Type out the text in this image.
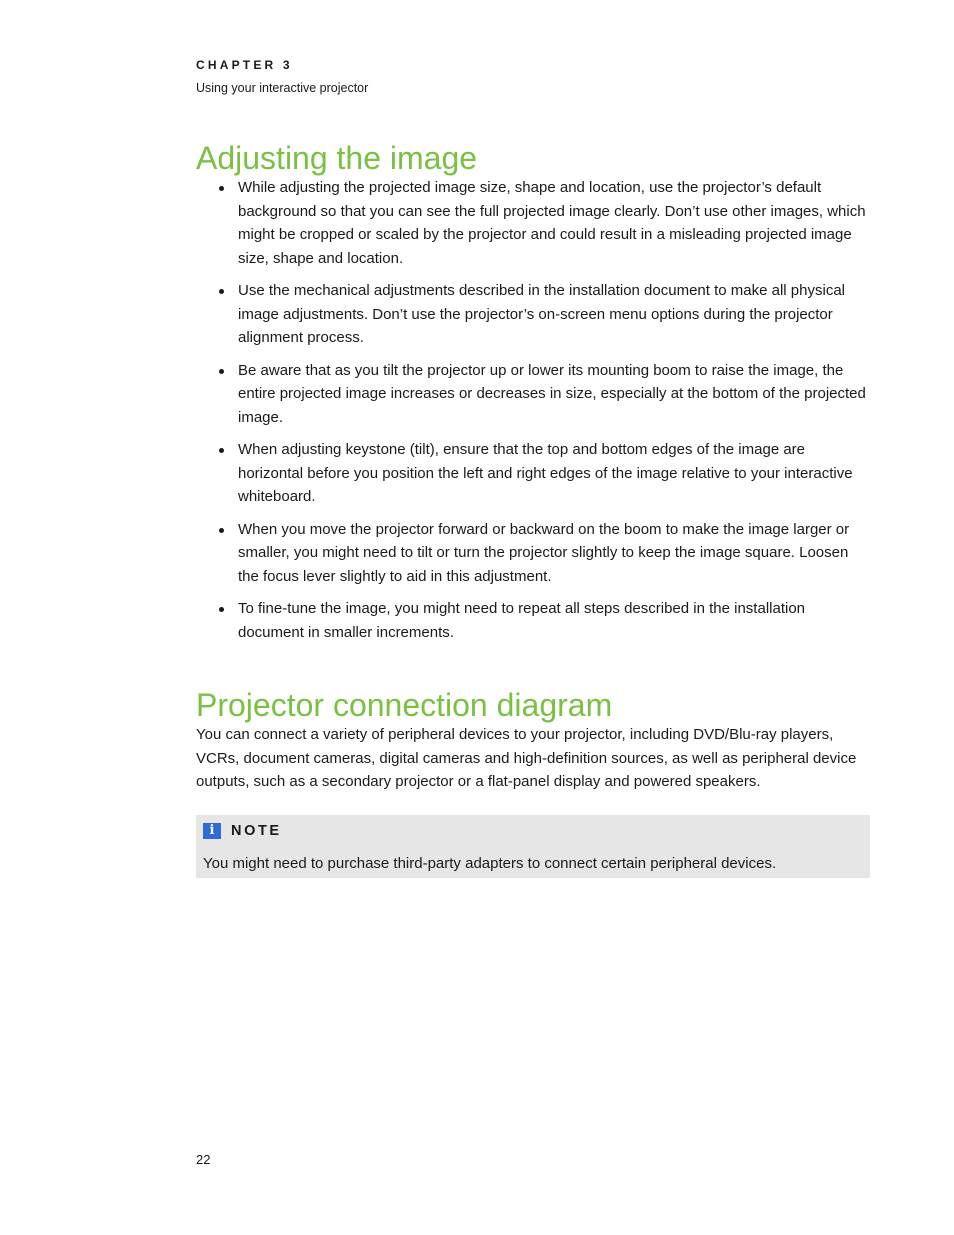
CHAPTER 3
Using your interactive projector
Adjusting the image
While adjusting the projected image size, shape and location, use the projector’s default background so that you can see the full projected image clearly. Don’t use other images, which might be cropped or scaled by the projector and could result in a misleading projected image size, shape and location.
Use the mechanical adjustments described in the installation document to make all physical image adjustments. Don’t use the projector’s on-screen menu options during the projector alignment process.
Be aware that as you tilt the projector up or lower its mounting boom to raise the image, the entire projected image increases or decreases in size, especially at the bottom of the projected image.
When adjusting keystone (tilt), ensure that the top and bottom edges of the image are horizontal before you position the left and right edges of the image relative to your interactive whiteboard.
When you move the projector forward or backward on the boom to make the image larger or smaller, you might need to tilt or turn the projector slightly to keep the image square. Loosen the focus lever slightly to aid in this adjustment.
To fine-tune the image, you might need to repeat all steps described in the installation document in smaller increments.
Projector connection diagram

You can connect a variety of peripheral devices to your projector, including DVD/Blu-ray players, VCRs, document cameras, digital cameras and high-definition sources, as well as peripheral device outputs, such as a secondary projector or a flat-panel display and powered speakers.

i	NOTE
You might need to purchase third-party adapters to connect certain peripheral devices.
22
